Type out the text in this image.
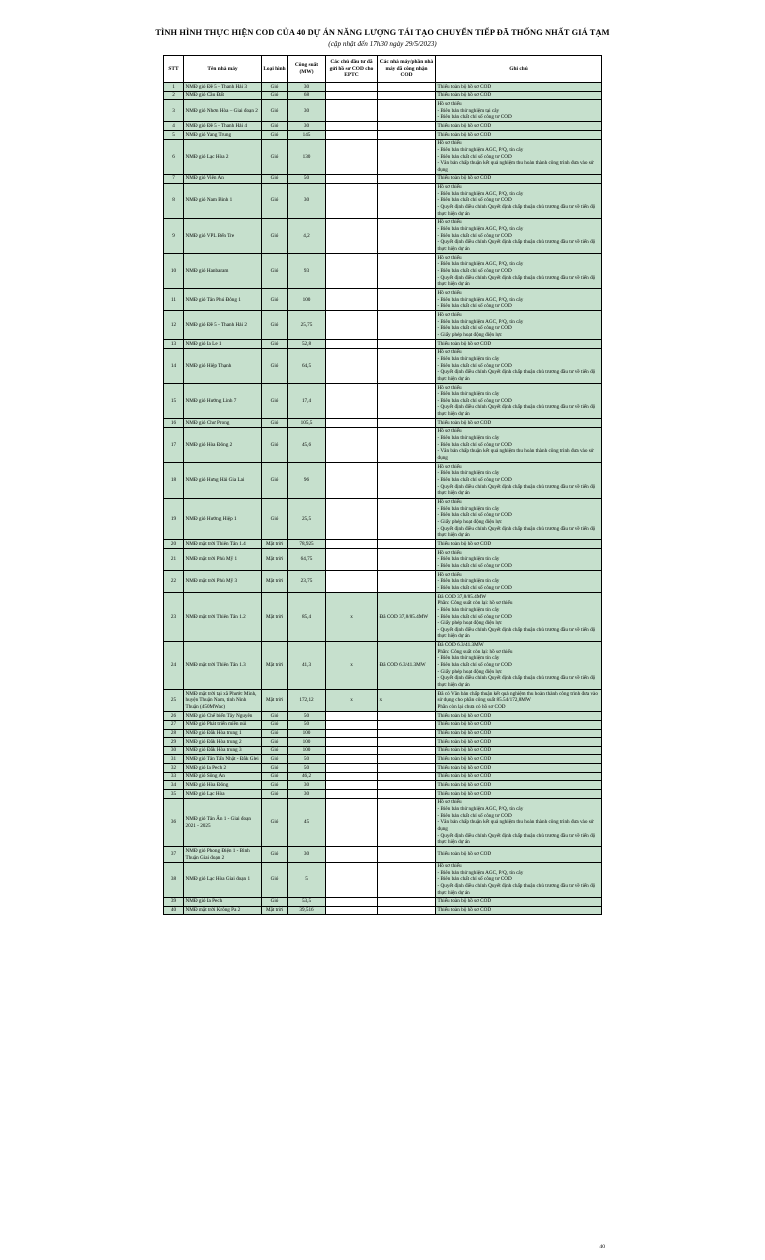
TÌNH HÌNH THỰC HIỆN COD CỦA 40 DỰ ÁN NĂNG LƯỢNG TÁI TẠO CHUYỂN TIẾP ĐÃ THỐNG NHẤT GIÁ TẠM
(cập nhật đến 17h30 ngày 29/5/2023)
STT	Tên nhà máy	Loại hình	Công suất (MW)	Các chủ đầu tư đã gửi hồ sơ COD cho EPTC	Các nhà máy/phần nhà máy đã công nhận COD	Ghi chú
1	NMĐ gió Đề 5 - Thanh Hải 3	Gió	30			Thiếu toàn bộ hồ sơ COD

2	NMĐ gió Cầu Đất	Gió	68			Thiếu toàn bộ hồ sơ COD

3	NMĐ gió Nhơn Hòa – Giai đoạn 2	Gió	30			Hồ sơ thiếu
- Biên bản thử nghiệm tại cây
- Biên bản chất chỉ số công tơ COD

4	NMĐ gió Đề 5 - Thanh Hải 4	Gió	30			Thiếu toàn bộ hồ sơ COD

5	NMĐ gió Yang Trung	Gió	145			Thiếu toàn bộ hồ sơ COD

6	NMĐ gió Lạc Hòa 2	Gió	130			Hồ sơ thiếu
- Biên bản thử nghiệm AGC, P/Q, tín cây
- Biên bản chất chỉ số công tơ COD
- Văn bản chấp thuận kết quả nghiệm thu hoàn thành công trình đưa vào sử dụng

7	NMĐ gió Viên An	Gió	50			Thiếu toàn bộ hồ sơ COD

8	NMĐ gió Nam Bình 1	Gió	30			Hồ sơ thiếu
- Biên bản thử nghiệm AGC, P/Q, tín cây
- Biên bản chất chỉ số công tơ COD
- Quyết định điều chỉnh Quyết định chấp thuận chủ trương đầu tư về tiến độ thực hiện dự án

9	NMĐ gió VPL Bến Tre	Gió	4,2			Hồ sơ thiếu
- Biên bản thử nghiệm AGC, P/Q, tín cây
- Biên bản chất chỉ số công tơ COD
- Quyết định điều chỉnh Quyết định chấp thuận chủ trương đầu tư về tiến độ thực hiện dự án

10	NMĐ gió Hanbaram	Gió	93			Hồ sơ thiếu
- Biên bản thử nghiệm AGC, P/Q, tín cây
- Biên bản chất chỉ số công tơ COD
- Quyết định điều chỉnh Quyết định chấp thuận chủ trương đầu tư về tiến độ thực hiện dự án

11	NMĐ gió Tân Phú Đông 1	Gió	100			Hồ sơ thiếu
- Biên bản thử nghiệm AGC, P/Q, tín cây
- Biên bản chất chỉ số công tơ COD

12	NMĐ gió Đề 5 - Thanh Hải 2	Gió	25,75			Hồ sơ thiếu
- Biên bản thử nghiệm AGC, P/Q, tín cây
- Biên bản chất chỉ số công tơ COD
- Giấy phép hoạt động điện lực

13	NMĐ gió Ia Le 1	Gió	52,8			Thiếu toàn bộ hồ sơ COD

14	NMĐ gió Hiệp Thạnh	Gió	64,5			Hồ sơ thiếu
- Biên bản thử nghiệm tín cây
- Biên bản chất chỉ số công tơ COD
- Quyết định điều chỉnh Quyết định chấp thuận chủ trương đầu tư về tiến độ thực hiện dự án

15	NMĐ gió Hướng Linh 7	Gió	17,4			Hồ sơ thiếu
- Biên bản thử nghiệm tín cây
- Biên bản chất chỉ số công tơ COD
- Quyết định điều chỉnh Quyết định chấp thuận chủ trương đầu tư về tiến độ thực hiện dự án

16	NMĐ gió Chư Prong	Gió	105,5			Thiếu toàn bộ hồ sơ COD

17	NMĐ gió Hòa Đông 2	Gió	45,6			Hồ sơ thiếu
- Biên bản thử nghiệm tín cây
- Biên bản chất chỉ số công tơ COD
- Văn bản chấp thuận kết quả nghiệm thu hoàn thành công trình đưa vào sử dụng

18	NMĐ gió Hưng Hải Gia Lai	Gió	96			Hồ sơ thiếu
- Biên bản thử nghiệm tín cây
- Biên bản chất chỉ số công tơ COD
- Quyết định điều chỉnh Quyết định chấp thuận chủ trương đầu tư về tiến độ thực hiện dự án

19	NMĐ gió Hướng Hiệp 1	Gió	25,5			Hồ sơ thiếu
- Biên bản thử nghiệm tín cây
- Biên bản chất chỉ số công tơ COD
- Giấy phép hoạt động điện lực
- Quyết định điều chỉnh Quyết định chấp thuận chủ trương đầu tư về tiến độ thực hiện dự án

20	NMĐ mặt trời Thiên Tân 1.4	Mặt trời	78,925			Thiếu toàn bộ hồ sơ COD

21	NMĐ mặt trời Phù Mỹ 1	Mặt trời	64,75			Hồ sơ thiếu
- Biên bản thử nghiệm tín cây
- Biên bản chất chỉ số công tơ COD

22	NMĐ mặt trời Phù Mỹ 3	Mặt trời	23,75			Hồ sơ thiếu
- Biên bản thử nghiệm tín cây
- Biên bản chất chỉ số công tơ COD

23	NMĐ mặt trời Thiên Tân 1.2	Mặt trời	85,4	x	Đã COD 37,8/85.4MW	
Đã COD 37,8/85.4MW
Phần: Công suất còn lại: hồ sơ thiếu
- Biên bản thử nghiệm tín cây
- Biên bản chất chỉ số công tơ COD
- Giấy phép hoạt động điện lực
- Quyết định điều chỉnh Quyết định chấp thuận chủ trương đầu tư về tiến độ thực hiện dự án

24	NMĐ mặt trời Thiên Tân 1.3	Mặt trời	41,3	x	Đã COD 6.3/41.3MW	
Đã COD 6.3/41.3MW
Phần: Công suất còn lại: hồ sơ thiếu
- Biên bản thử nghiệm tín cây
- Biên bản chất chỉ số công tơ COD
- Giấy phép hoạt động điện lực
- Quyết định điều chỉnh Quyết định chấp thuận chủ trương đầu tư về tiến độ thực hiện dự án

25	NMĐ mặt trời tại xã Phước Minh, huyện Thuận Nam, tỉnh Ninh Thuận (450MWac)	Mặt trời	172,12	x	x	Đã có Văn bản chấp thuận kết quả nghiệm thu hoàn thành công trình đưa vào sử dụng cho phần công suất 85.54/172,8MW
Phần còn lại chưa có hồ sơ COD

26	NMĐ gió Chế biến Tây Nguyên	Gió	50			Thiếu toàn bộ hồ sơ COD

27	NMĐ gió Phát triển miền núi	Gió	50			Thiếu toàn bộ hồ sơ COD

28	NMĐ gió Đắk Hòa trung 1	Gió	100			Thiếu toàn bộ hồ sơ COD

29	NMĐ gió Đắk Hòa trung 2	Gió	100			Thiếu toàn bộ hồ sơ COD

30	NMĐ gió Đắk Hòa trung 3	Gió	100			Thiếu toàn bộ hồ sơ COD

31	NMĐ gió Tân Tấn Nhật - Đắk Glei	Gió	50			Thiếu toàn bộ hồ sơ COD

32	NMĐ gió Ia Pech 2	Gió	50			Thiếu toàn bộ hồ sơ COD

33	NMĐ gió Sông An	Gió	46,2			Thiếu toàn bộ hồ sơ COD

34	NMĐ gió Hòa Đông	Gió	30			Thiếu toàn bộ hồ sơ COD

35	NMĐ gió Lạc Hòa	Gió	30			Thiếu toàn bộ hồ sơ COD

36	NMĐ gió Tân Ấn 1 - Giai đoạn 2021 - 2025	Gió	45			Hồ sơ thiếu
- Biên bản thử nghiệm AGC, P/Q, tín cây
- Biên bản chất chỉ số công tơ COD
- Văn bản chấp thuận kết quả nghiệm thu hoàn thành công trình đưa vào sử dụng
- Quyết định điều chỉnh Quyết định chấp thuận chủ trương đầu tư về tiến độ thực hiện dự án

37	NMĐ gió Phong Điện 1 - Bình Thuận Giai đoạn 2	Gió	30			Thiếu toàn bộ hồ sơ COD

38	NMĐ gió Lạc Hòa Giai đoạn 1	Gió	5			Hồ sơ thiếu
- Biên bản thử nghiệm AGC, P/Q, tín cây
- Biên bản chất chỉ số công tơ COD
- Quyết định điều chỉnh Quyết định chấp thuận chủ trương đầu tư về tiến độ thực hiện dự án

39	NMĐ gió Ia Pech	Gió	53,5			Thiếu toàn bộ hồ sơ COD

40	NMĐ mặt trời Krông Pa 2	Mặt trời	39,516			Thiếu toàn bộ hồ sơ COD
40
